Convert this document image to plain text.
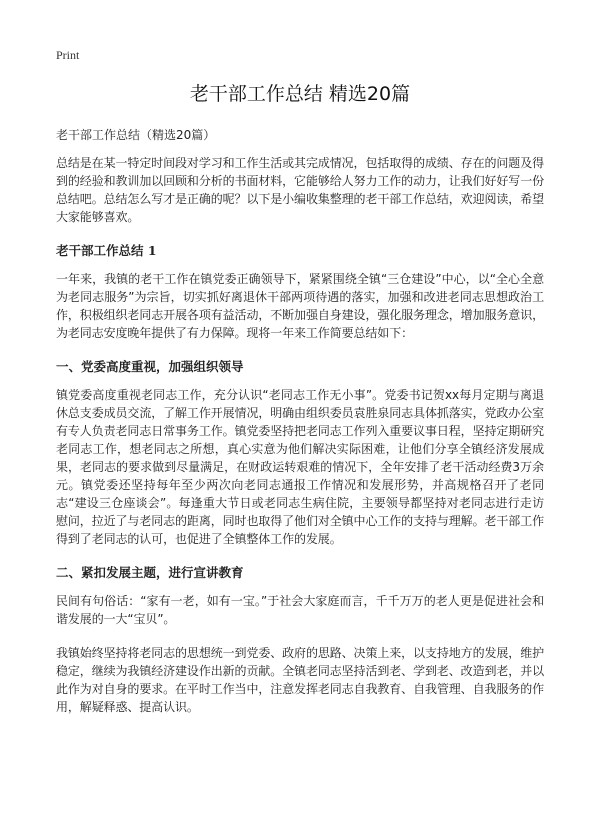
Print
老干部工作总结 精选20篇

老干部工作总结（精选20篇）

总结是在某一特定时间段对学习和工作生活或其完成情况，包括取得的成绩、存在的问题及得到的经验和教训加以回顾和分析的书面材料，它能够给人努力工作的动力，让我们好好写一份总结吧。总结怎么写才是正确的呢？以下是小编收集整理的老干部工作总结，欢迎阅读，希望大家能够喜欢。

老干部工作总结 1

一年来，我镇的老干工作在镇党委正确领导下，紧紧围绕全镇“三仓建设”中心，以“全心全意为老同志服务”为宗旨，切实抓好离退休干部两项待遇的落实，加强和改进老同志思想政治工作，积极组织老同志开展各项有益活动，不断加强自身建设，强化服务理念，增加服务意识，为老同志安度晚年提供了有力保障。现将一年来工作简要总结如下：

一、党委高度重视，加强组织领导

镇党委高度重视老同志工作，充分认识“老同志工作无小事”。党委书记贺xx每月定期与离退休总支委成员交流，了解工作开展情况，明确由组织委员袁胜泉同志具体抓落实，党政办公室有专人负责老同志日常事务工作。镇党委坚持把老同志工作列入重要议事日程，坚持定期研究老同志工作，想老同志之所想，真心实意为他们解决实际困难，让他们分享全镇经济发展成果，老同志的要求做到尽量满足，在财政运转艰难的情况下，全年安排了老干活动经费3万余元。镇党委还坚持每年至少两次向老同志通报工作情况和发展形势，并高规格召开了老同志“建设三仓座谈会”。每逢重大节日或老同志生病住院，主要领导都坚持对老同志进行走访慰问，拉近了与老同志的距离，同时也取得了他们对全镇中心工作的支持与理解。老干部工作得到了老同志的认可，也促进了全镇整体工作的发展。

二、紧扣发展主题，进行宣讲教育

民间有句俗话：“家有一老，如有一宝。”于社会大家庭而言，千千万万的老人更是促进社会和谐发展的一大“宝贝”。

我镇始终坚持将老同志的思想统一到党委、政府的思路、决策上来，以支持地方的发展，维护稳定，继续为我镇经济建设作出新的贡献。全镇老同志坚持活到老、学到老、改造到老，并以此作为对自身的要求。在平时工作当中，注意发挥老同志自我教育、自我管理、自我服务的作用，解疑释惑、提高认识。
